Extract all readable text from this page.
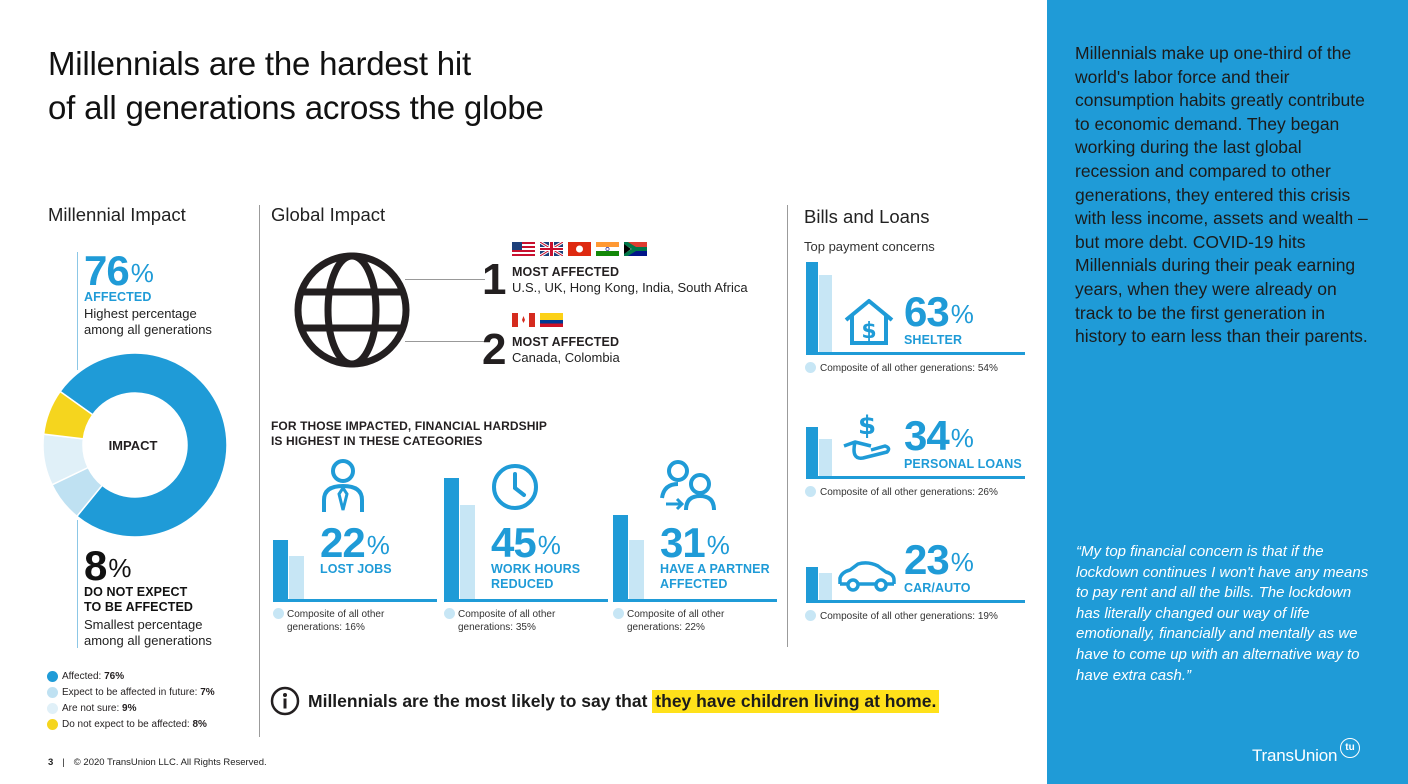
Millennials are the hardest hit
of all generations across the globe
Millennial Impact
76%
AFFECTED
Highest percentage
among all generations
IMPACT
8%
DO NOT EXPECT
TO BE AFFECTED
Smallest percentage
among all generations
Affected: 76%
Expect to be affected in future: 7%
Are not sure: 9%
Do not expect to be affected: 8%
Global Impact
1 MOST AFFECTED
U.S., UK, Hong Kong, India, South Africa
2 MOST AFFECTED
Canada, Colombia
FOR THOSE IMPACTED, FINANCIAL HARDSHIP
IS HIGHEST IN THESE CATEGORIES
22%
LOST JOBS
Composite of all other
generations: 16%
45%
WORK HOURS
REDUCED
Composite of all other
generations: 35%
31%
HAVE A PARTNER
AFFECTED
Composite of all other
generations: 22%
Millennials are the most likely to say that
they have children living at home.
Bills and Loans
Top payment concerns
$
$
63%
SHELTER
Composite of all other generations: 54%
34%
PERSONAL LOANS
Composite of all other generations: 26%
23%
CAR/AUTO
Composite of all other generations: 19%
Millennials make up one-third of the world's labor force and their consumption habits greatly contribute to economic demand. They began working during the last global recession and compared to other generations, they entered this crisis with less income, assets and wealth – but more debt. COVID-19 hits Millennials during their peak earning years, when they were already on track to be the first generation in history to earn less than their parents.
“My top financial concern is that if the lockdown continues I won't have any means to pay rent and all the bills. The lockdown has literally changed our way of life emotionally, financially and mentally as we have to come up with an alternative way to have extra cash.”
TransUnion tu
3 | © 2020 TransUnion LLC. All Rights Reserved.
